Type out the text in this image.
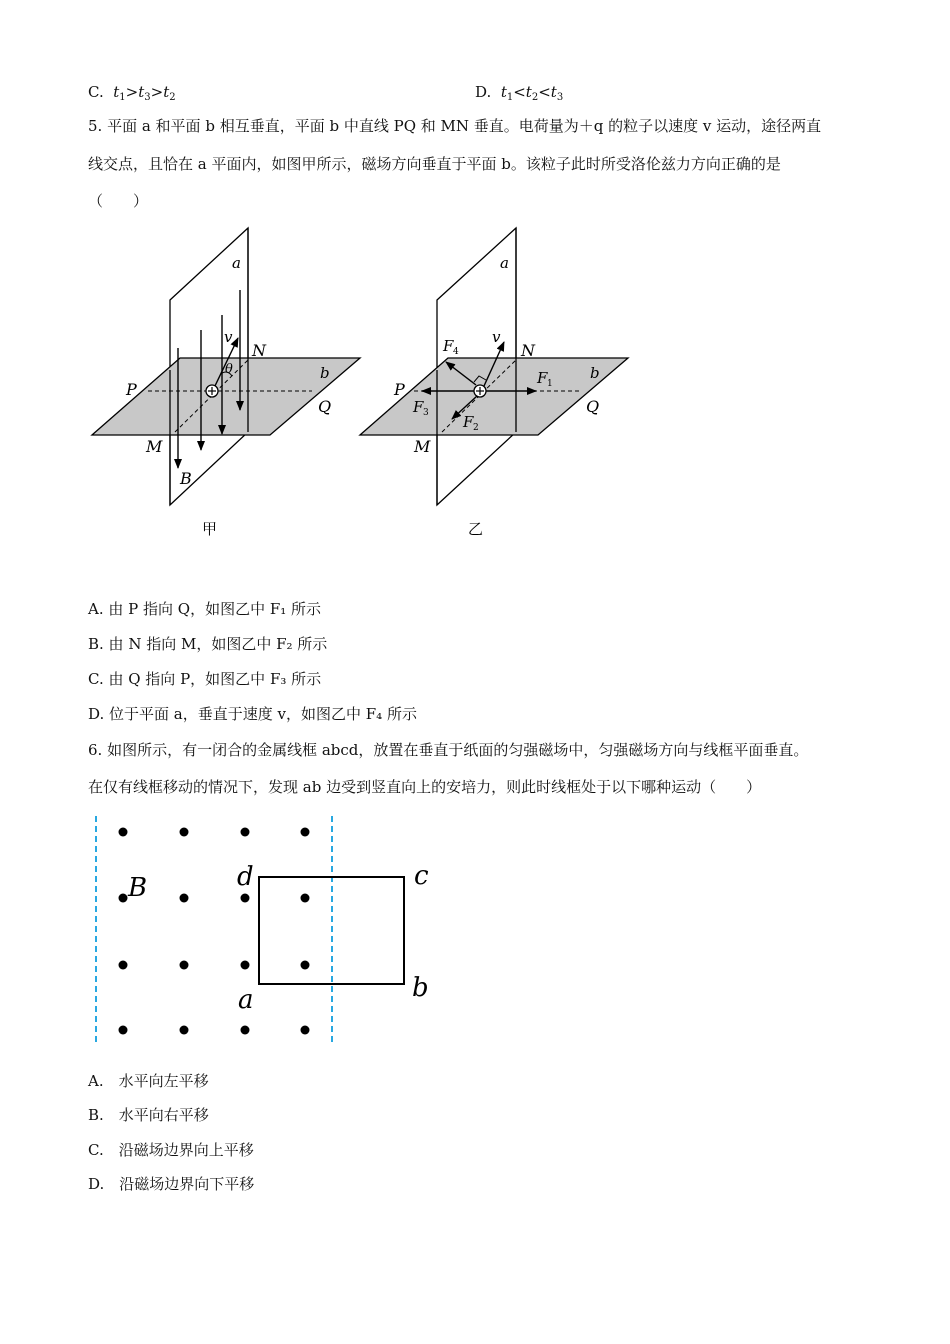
C. $t_1>t_3>t_2$	D. $t_1<t_2<t_3$
5. 平面 a 和平面 b 相互垂直，平面 b 中直线 PQ 和 MN 垂直。电荷量为＋q 的粒子以速度 v 运动，途径两直
线交点，且恰在 a 平面内，如图甲所示，磁场方向垂直于平面 b。该粒子此时所受洛伦兹力方向正确的是
（　　）
a
b
P
Q
M
N
v
θ
B
甲
a
b
P
Q
M
N
v
F 1
F 3 F 2
F 4
乙
B	d	c
a	b
A. 由 P 指向 Q，如图乙中 F₁ 所示
B. 由 N 指向 M，如图乙中 F₂ 所示
C. 由 Q 指向 P，如图乙中 F₃ 所示
D. 位于平面 a，垂直于速度 v，如图乙中 F₄ 所示
6. 如图所示，有一闭合的金属线框 abcd，放置在垂直于纸面的匀强磁场中，匀强磁场方向与线框平面垂直。
在仅有线框移动的情况下，发现 ab 边受到竖直向上的安培力，则此时线框处于以下哪种运动（　　）
A.　水平向左平移
B.　水平向右平移
C.　沿磁场边界向上平移
D.　沿磁场边界向下平移
